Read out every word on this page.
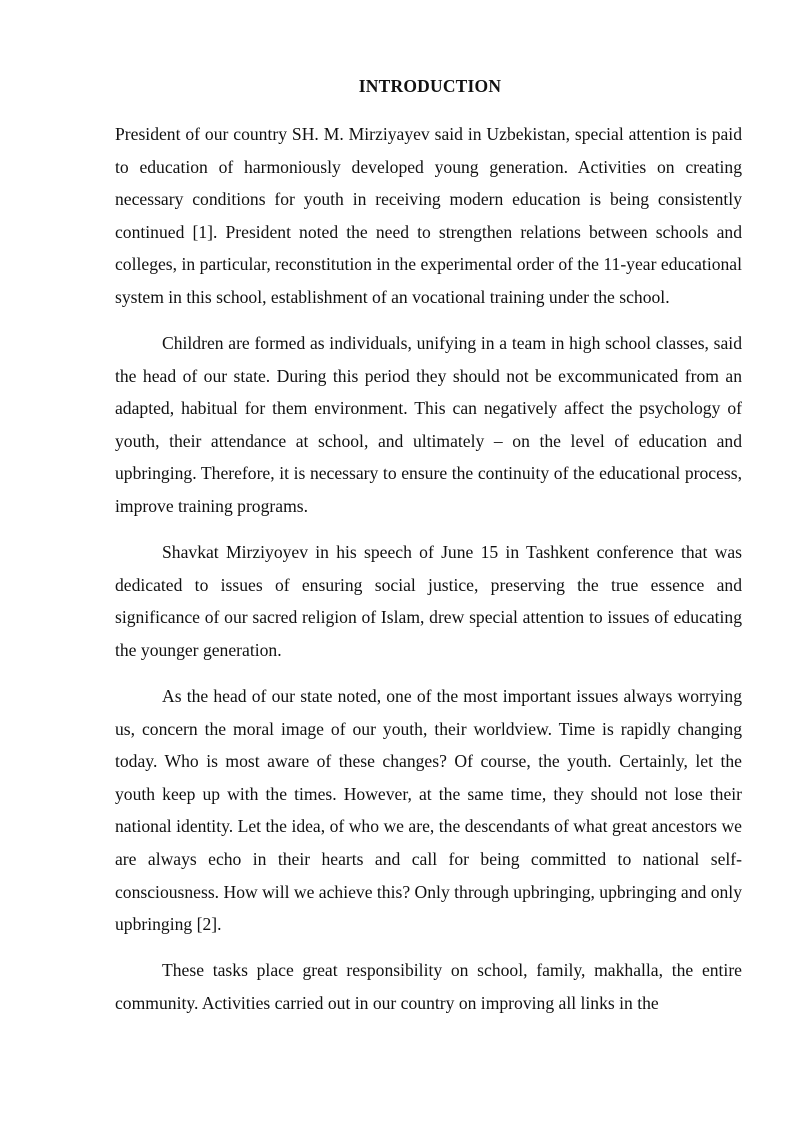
INTRODUCTION

President of our country SH. M. Mirziyayev said in Uzbekistan, special attention is paid to education of harmoniously developed young generation. Activities on creating necessary conditions for youth in receiving modern education is being consistently continued [1]. President noted the need to strengthen relations between schools and colleges, in particular, reconstitution in the experimental order of the 11-year educational system in this school, establishment of an vocational training under the school.

Children are formed as individuals, unifying in a team in high school classes, said the head of our state. During this period they should not be excommunicated from an adapted, habitual for them environment. This can negatively affect the psychology of youth, their attendance at school, and ultimately – on the level of education and upbringing. Therefore, it is necessary to ensure the continuity of the educational process, improve training programs.

Shavkat Mirziyoyev in his speech of June 15 in Tashkent conference that was dedicated to issues of ensuring social justice, preserving the true essence and significance of our sacred religion of Islam, drew special attention to issues of educating the younger generation.

As the head of our state noted, one of the most important issues always worrying us, concern the moral image of our youth, their worldview. Time is rapidly changing today. Who is most aware of these changes? Of course, the youth. Certainly, let the youth keep up with the times. However, at the same time, they should not lose their national identity. Let the idea, of who we are, the descendants of what great ancestors we are always echo in their hearts and call for being committed to national self-consciousness. How will we achieve this? Only through upbringing, upbringing and only upbringing [2].

These tasks place great responsibility on school, family, makhalla, the entire community. Activities carried out in our country on improving all links in the
